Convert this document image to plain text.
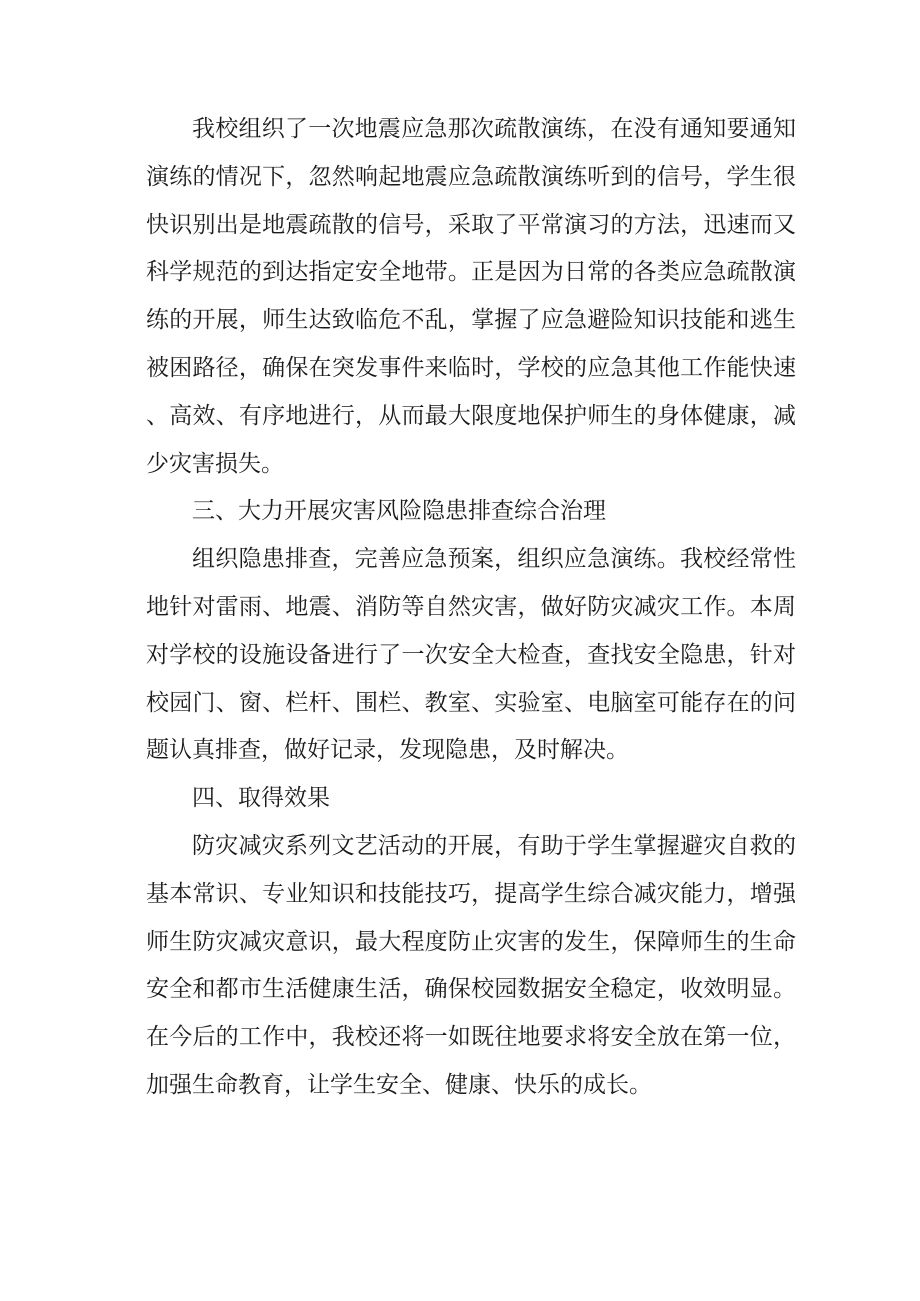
我校组织了一次地震应急那次疏散演练，在没有通知要通知演练的情况下，忽然响起地震应急疏散演练听到的信号，学生很快识别出是地震疏散的信号，采取了平常演习的方法，迅速而又科学规范的到达指定安全地带。正是因为日常的各类应急疏散演练的开展，师生达致临危不乱，掌握了应急避险知识技能和逃生被困路径，确保在突发事件来临时，学校的应急其他工作能快速、高效、有序地进行，从而最大限度地保护师生的身体健康，减少灾害损失。

三、大力开展灾害风险隐患排查综合治理

组织隐患排查，完善应急预案，组织应急演练。我校经常性地针对雷雨、地震、消防等自然灾害，做好防灾减灾工作。本周对学校的设施设备进行了一次安全大检查，查找安全隐患，针对校园门、窗、栏杆、围栏、教室、实验室、电脑室可能存在的问题认真排查，做好记录，发现隐患，及时解决。

四、取得效果

防灾减灾系列文艺活动的开展，有助于学生掌握避灾自救的基本常识、专业知识和技能技巧，提高学生综合减灾能力，增强师生防灾减灾意识，最大程度防止灾害的发生，保障师生的生命安全和都市生活健康生活，确保校园数据安全稳定，收效明显。在今后的工作中，我校还将一如既往地要求将安全放在第一位，加强生命教育，让学生安全、健康、快乐的成长。
